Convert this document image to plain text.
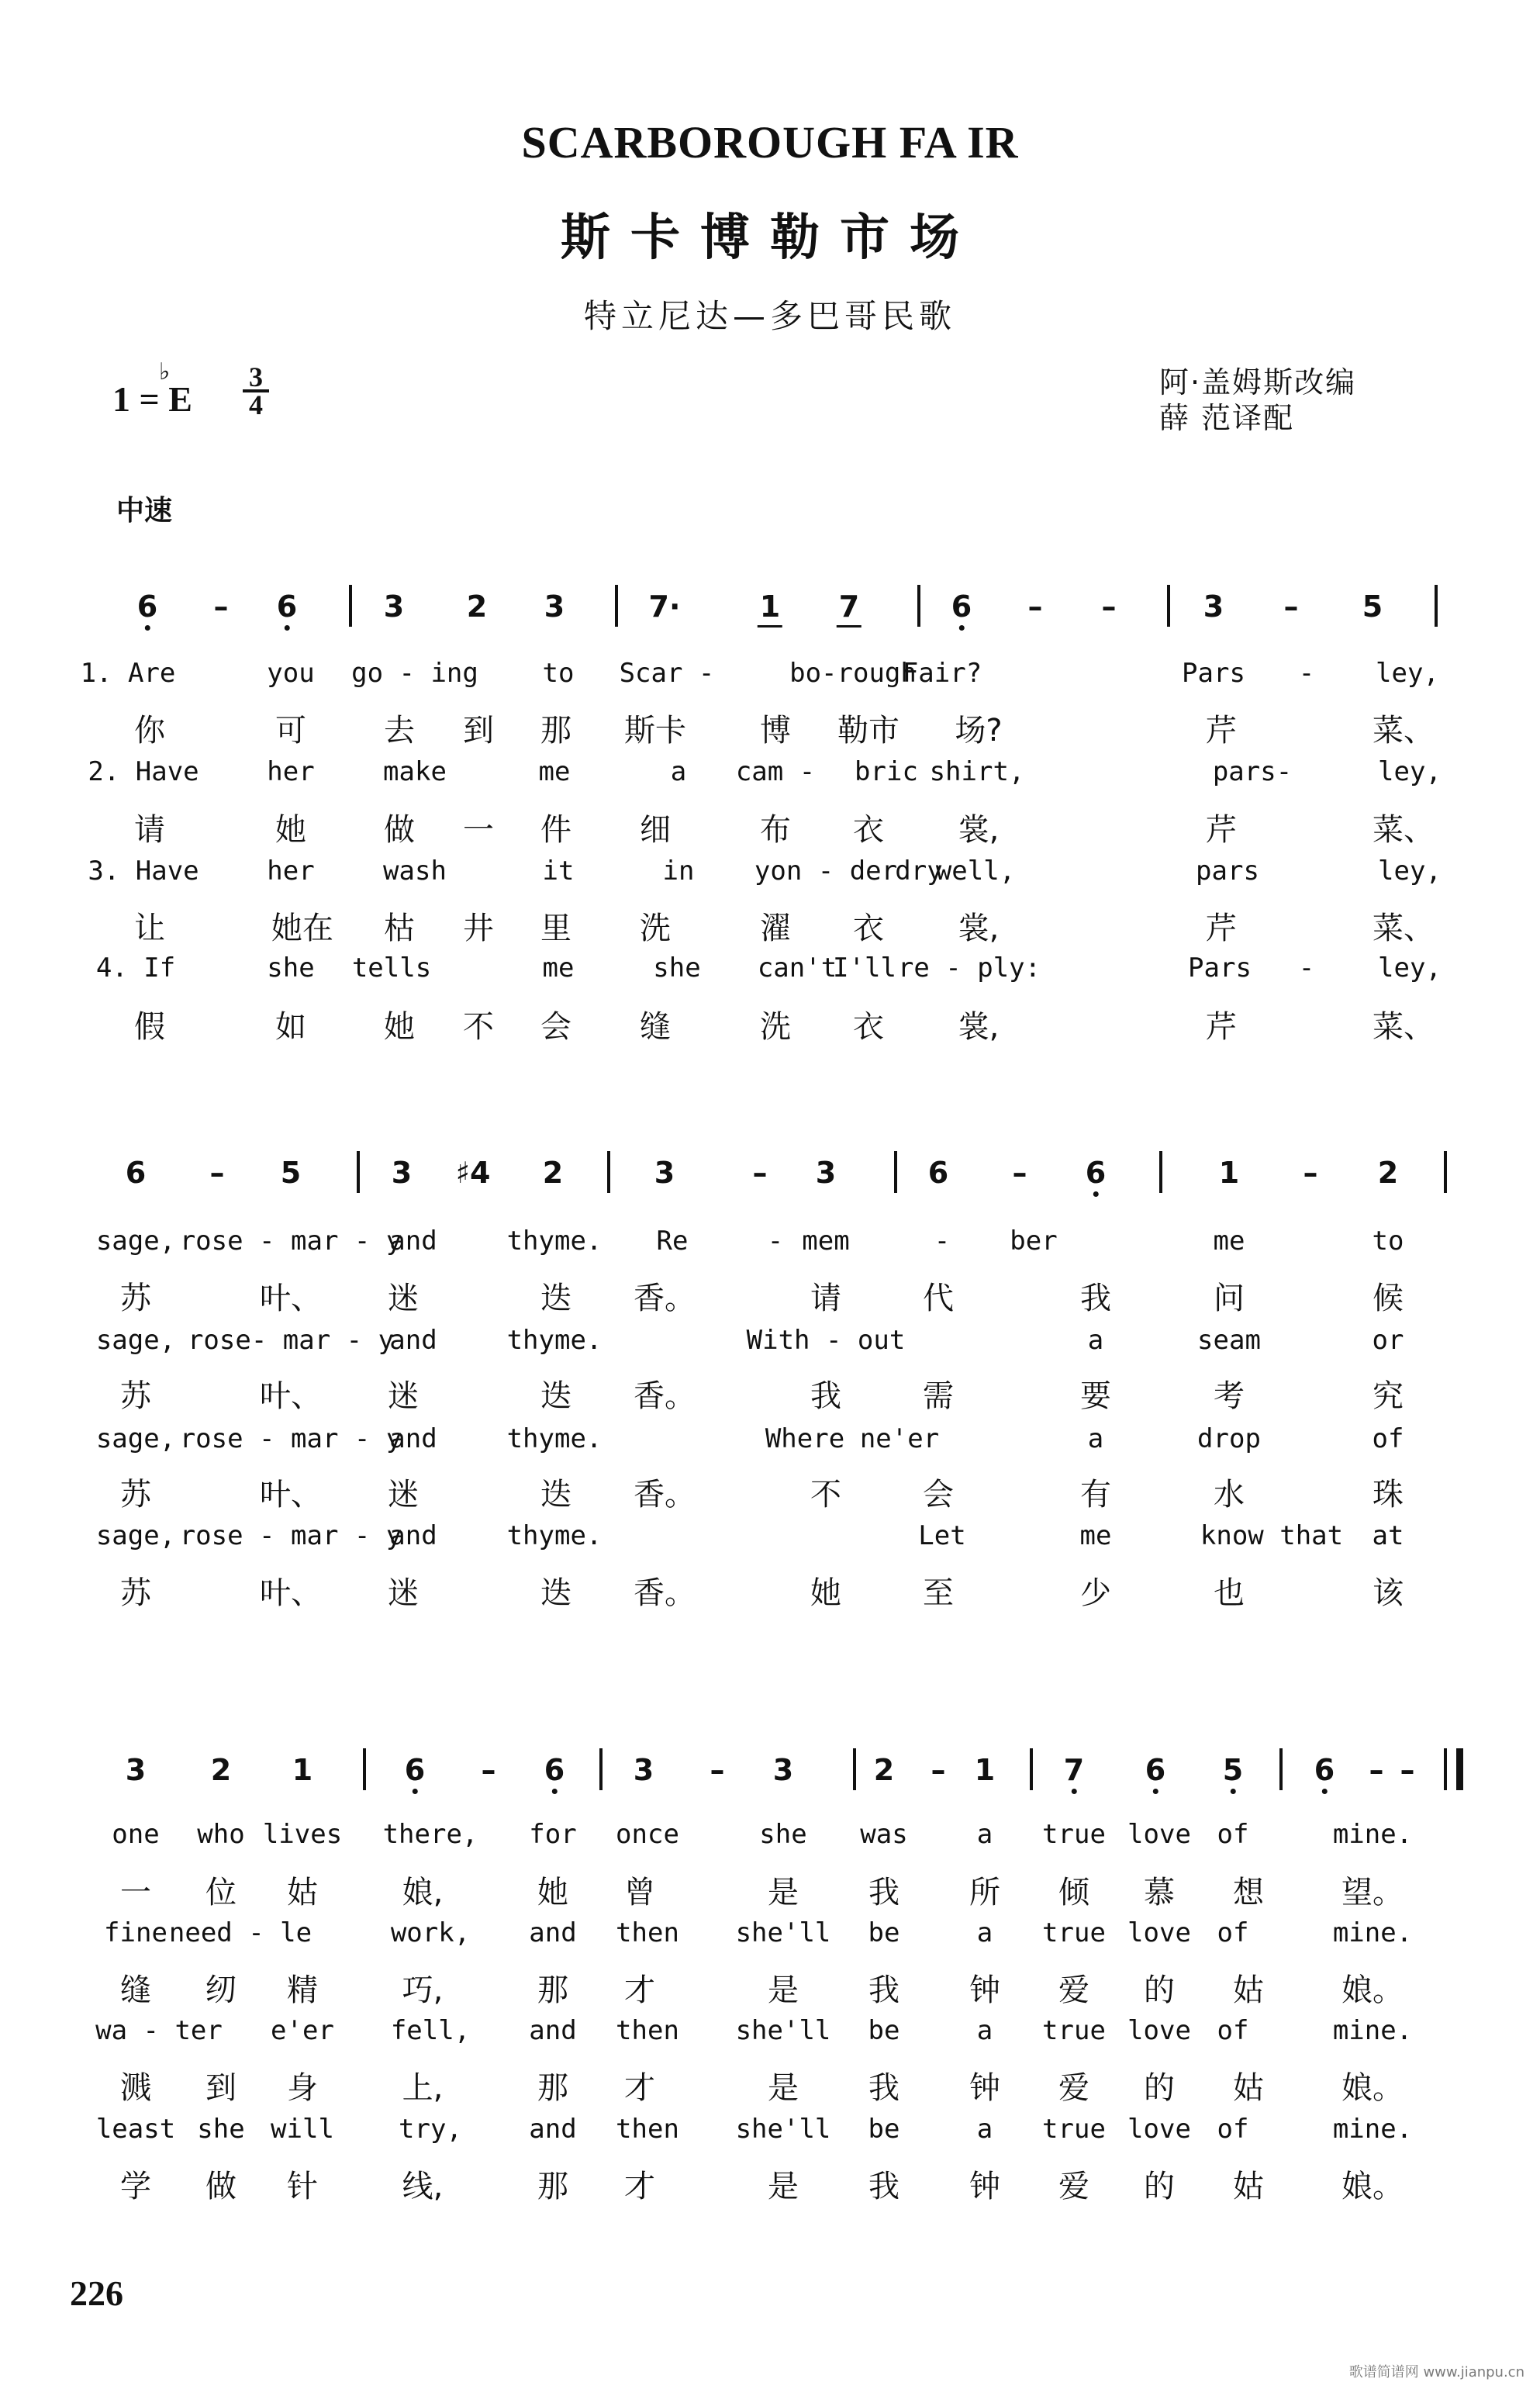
SCARBOROUGH FA IR
斯卡博勒市场
特立尼达—多巴哥民歌
1 = E
♭	3
4
阿·盖姆斯改编
薛 范译配
中速
6 – 6	3 2 3	7·	1 7	6 – –	3 – 5
1. Are	you go - ing to Scar -	bo-rough
Fair?	Pars - ley,
你	可	去 到 那 斯卡 博 勒市 场?	芹	菜、
2. Have	her	make	me	a cam - bric shirt,	pars-	ley,
请	她	做 一 件 细	布 衣 裳,	芹	菜、
3. Have	her	wash	it	in yon - der
dry
well,	pars	ley,
让	她在 枯 井 里 洗	濯 衣 裳,	芹	菜、
4. If	she tells	me	she can't
I'll re - ply:	Pars - ley,
假	如	她 不 会 缝	洗 衣 裳,	芹	菜、
6 – 5	3 ♯4 2	3	– 3	6 – 6	1 – 2
sage, rose - mar - y
and	thyme. Re	- mem	- ber	me	to
苏	叶、 迷	迭 香。	请	代	我	问	候
sage, rose- mar - y
and	thyme.	With - out	a	seam	or
苏	叶、 迷	迭 香。	我	需	要	考	究
sage, rose - mar - y
and	thyme.	Where ne'er	a	drop	of
苏	叶、 迷	迭 香。	不	会	有	水	珠
sage, rose - mar - y
and	thyme.	Let	me	know that at
苏	叶、 迷	迭 香。	她	至	少	也	该
3 2 1	6 – 6 3 – 3	2 – 1 7 6 5 6 – –
one who lives there, for once	she was	a true love of	mine.
一 位 姑	娘,	她 曾	是 我 所 倾 慕 想	望。
fine need - le	work, and then she'll be	a true love of	mine.
缝 纫 精	巧,	那 才	是 我 钟 爱 的 姑	娘。
wa - ter e'er fell, and then she'll be	a true love of	mine.
溅 到 身	上,	那 才	是 我 钟 爱 的 姑	娘。
least she will try,	and then she'll be	a true love of	mine.
学 做 针	线,	那 才	是 我 钟 爱 的 姑	娘。
226
歌谱简谱网 www.jianpu.cn
